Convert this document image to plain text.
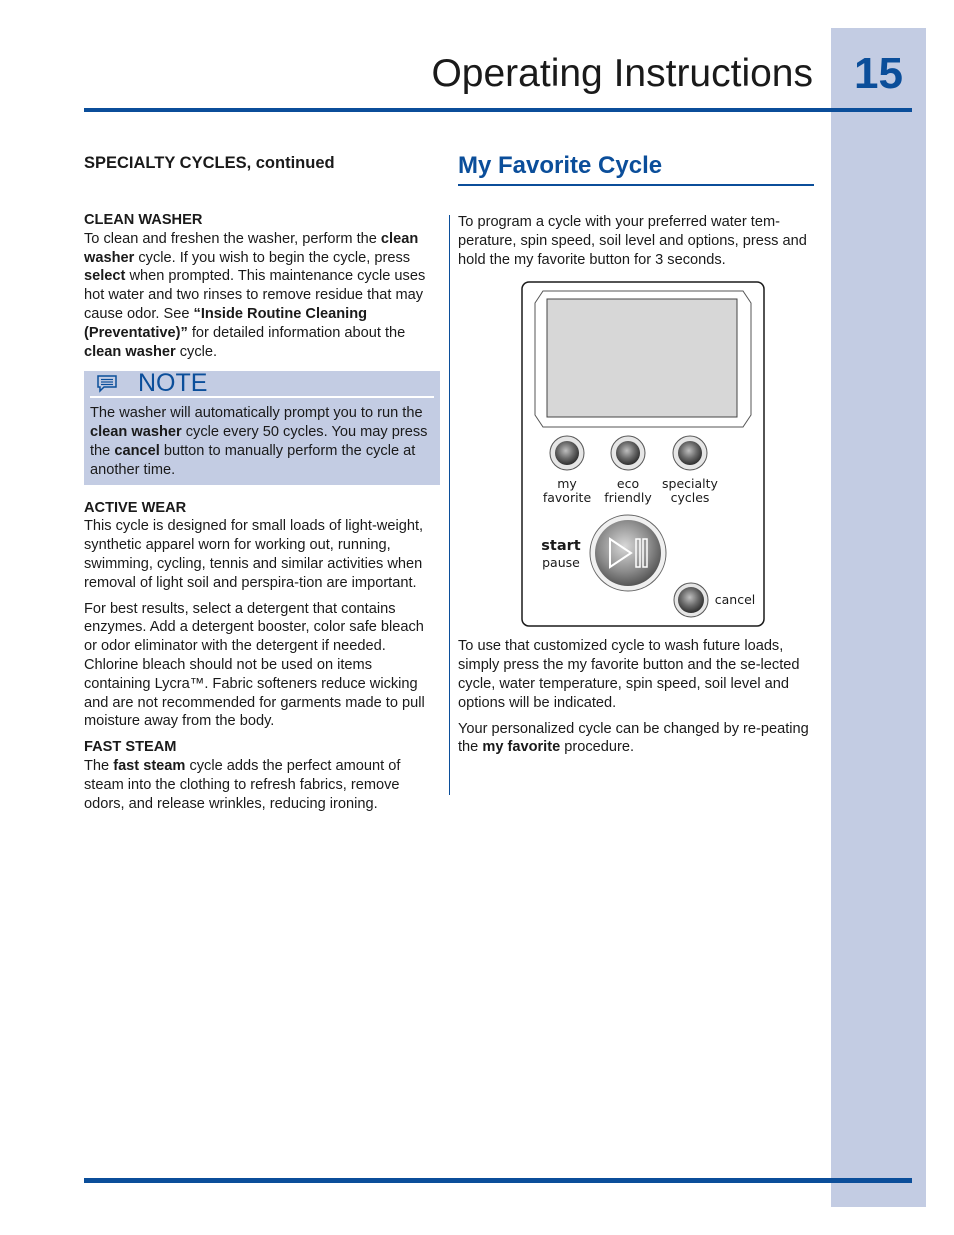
15
Operating Instructions
SPECIALTY CYCLES, continued
CLEAN WASHER

To clean and freshen the washer, perform the clean washer cycle. If you wish to begin the cycle, press select when prompted. This maintenance cycle uses hot water and two rinses to remove residue that may cause odor. See “Inside Routine Cleaning (Preventative)” for detailed information about the clean washer cycle.

NOTE

The washer will automatically prompt you to run the clean washer cycle every 50 cycles. You may press the cancel button to manually perform the cycle at another time.

ACTIVE WEAR

This cycle is designed for small loads of light-weight, synthetic apparel worn for working out, running, swimming, cycling, tennis and similar activities when removal of light soil and perspira-tion are important.

For best results, select a detergent that contains enzymes. Add a detergent booster, color safe bleach or odor eliminator with the detergent if needed. Chlorine bleach should not be used on items containing Lycra™. Fabric softeners reduce wicking and are not recommended for garments made to pull moisture away from the body.

FAST STEAM

The fast steam cycle adds the perfect amount of steam into the clothing to refresh fabrics, remove odors, and release wrinkles, reducing ironing.

My Favorite Cycle

To program a cycle with your preferred water tem-perature, spin speed, soil level and options, press and hold the my favorite button for 3 seconds.

my
favorite
eco
friendly
specialty
cycles
start
pause
cancel

To use that customized cycle to wash future loads, simply press the my favorite button and the se-lected cycle, water temperature, spin speed, soil level and options will be indicated.

Your personalized cycle can be changed by re-peating the my favorite procedure.
